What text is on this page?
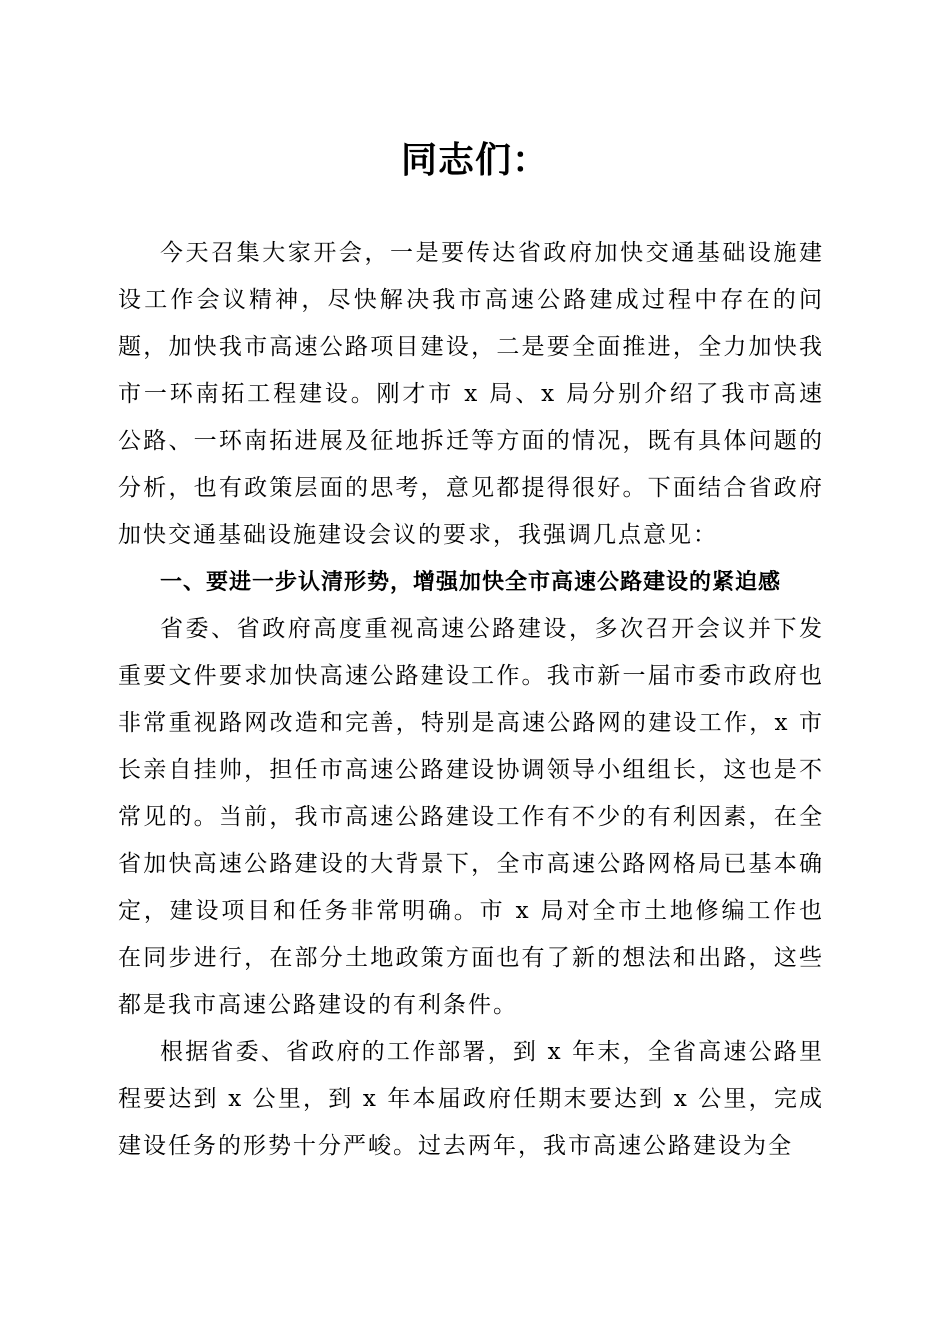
同志们：

今天召集大家开会，一是要传达省政府加快交通基础设施建设工作会议精神，尽快解决我市高速公路建成过程中存在的问题，加快我市高速公路项目建设，二是要全面推进，全力加快我市一环南拓工程建设。刚才市 x 局、x 局分别介绍了我市高速公路、一环南拓进展及征地拆迁等方面的情况，既有具体问题的分析，也有政策层面的思考，意见都提得很好。下面结合省政府加快交通基础设施建设会议的要求，我强调几点意见：

一、要进一步认清形势，增强加快全市高速公路建设的紧迫感

省委、省政府高度重视高速公路建设，多次召开会议并下发重要文件要求加快高速公路建设工作。我市新一届市委市政府也非常重视路网改造和完善，特别是高速公路网的建设工作，x 市长亲自挂帅，担任市高速公路建设协调领导小组组长，这也是不常见的。当前，我市高速公路建设工作有不少的有利因素，在全省加快高速公路建设的大背景下，全市高速公路网格局已基本确定，建设项目和任务非常明确。市 x 局对全市土地修编工作也在同步进行，在部分土地政策方面也有了新的想法和出路，这些都是我市高速公路建设的有利条件。

根据省委、省政府的工作部署，到 x 年末，全省高速公路里程要达到 x 公里，到 x 年本届政府任期末要达到 x 公里，完成建设任务的形势十分严峻。过去两年，我市高速公路建设为全
